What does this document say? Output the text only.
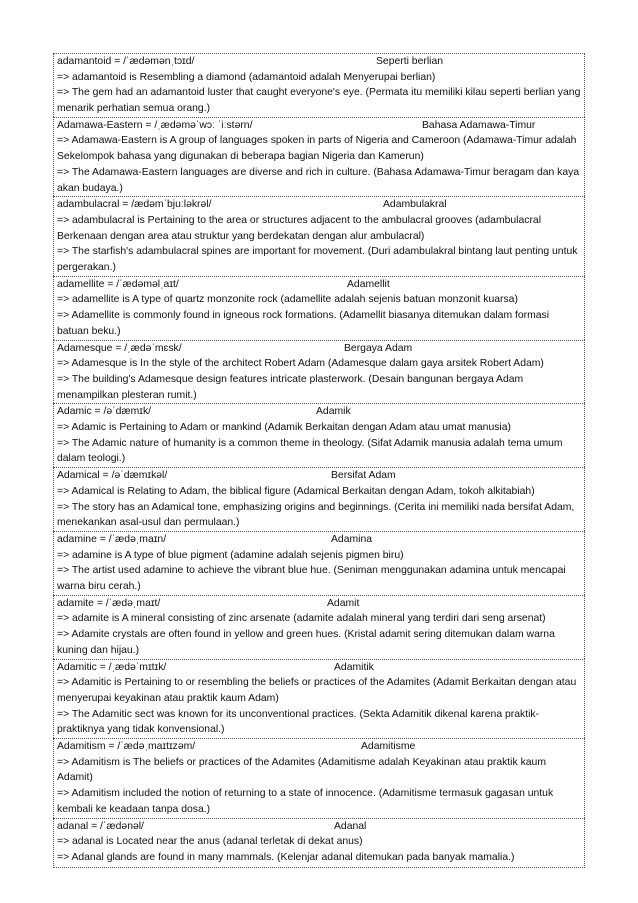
adamantoid = /ˈædəmənˌtɔɪd/	Seperti berlian
=> adamantoid is Resembling a diamond (adamantoid adalah Menyerupai berlian)
=> The gem had an adamantoid luster that caught everyone's eye. (Permata itu memiliki kilau seperti berlian yang menarik perhatian semua orang.)
Adamawa-Eastern = /ˌædəməˈwɔː ˈiːstərn/	Bahasa Adamawa-Timur
=> Adamawa-Eastern is A group of languages spoken in parts of Nigeria and Cameroon (Adamawa-Timur adalah Sekelompok bahasa yang digunakan di beberapa bagian Nigeria dan Kamerun)
=> The Adamawa-Eastern languages are diverse and rich in culture. (Bahasa Adamawa-Timur beragam dan kaya akan budaya.)
adambulacral = /ædəmˈbjuːləkrəl/	Adambulakral
=> adambulacral is Pertaining to the area or structures adjacent to the ambulacral grooves (adambulacral Berkenaan dengan area atau struktur yang berdekatan dengan alur ambulacral)
=> The starfish's adambulacral spines are important for movement. (Duri adambulakral bintang laut penting untuk pergerakan.)
adamellite = /ˈædəməlˌaɪt/	Adamellit
=> adamellite is A type of quartz monzonite rock (adamellite adalah sejenis batuan monzonit kuarsa)
=> Adamellite is commonly found in igneous rock formations. (Adamellit biasanya ditemukan dalam formasi batuan beku.)
Adamesque = /ˌædəˈmɛsk/	Bergaya Adam
=> Adamesque is In the style of the architect Robert Adam (Adamesque dalam gaya arsitek Robert Adam)
=> The building's Adamesque design features intricate plasterwork. (Desain bangunan bergaya Adam menampilkan plesteran rumit.)
Adamic = /əˈdæmɪk/	Adamik
=> Adamic is Pertaining to Adam or mankind (Adamik Berkaitan dengan Adam atau umat manusia)
=> The Adamic nature of humanity is a common theme in theology. (Sifat Adamik manusia adalah tema umum dalam teologi.)
Adamical = /əˈdæmɪkəl/	Bersifat Adam
=> Adamical is Relating to Adam, the biblical figure (Adamical Berkaitan dengan Adam, tokoh alkitabiah)
=> The story has an Adamical tone, emphasizing origins and beginnings. (Cerita ini memiliki nada bersifat Adam, menekankan asal-usul dan permulaan.)
adamine = /ˈædəˌmaɪn/	Adamina
=> adamine is A type of blue pigment (adamine adalah sejenis pigmen biru)
=> The artist used adamine to achieve the vibrant blue hue. (Seniman menggunakan adamina untuk mencapai warna biru cerah.)
adamite = /ˈædəˌmaɪt/	Adamit
=> adamite is A mineral consisting of zinc arsenate (adamite adalah mineral yang terdiri dari seng arsenat)
=> Adamite crystals are often found in yellow and green hues. (Kristal adamit sering ditemukan dalam warna kuning dan hijau.)
Adamitic = /ˌædəˈmɪtɪk/	Adamitik
=> Adamitic is Pertaining to or resembling the beliefs or practices of the Adamites (Adamit Berkaitan dengan atau menyerupai keyakinan atau praktik kaum Adam)
=> The Adamitic sect was known for its unconventional practices. (Sekta Adamitik dikenal karena praktik-praktiknya yang tidak konvensional.)
Adamitism = /ˈædəˌmaɪtɪzəm/	Adamitisme
=> Adamitism is The beliefs or practices of the Adamites (Adamitisme adalah Keyakinan atau praktik kaum Adamit)
=> Adamitism included the notion of returning to a state of innocence. (Adamitisme termasuk gagasan untuk kembali ke keadaan tanpa dosa.)
adanal = /ˈædənəl/	Adanal
=> adanal is Located near the anus (adanal terletak di dekat anus)
=> Adanal glands are found in many mammals. (Kelenjar adanal ditemukan pada banyak mamalia.)
